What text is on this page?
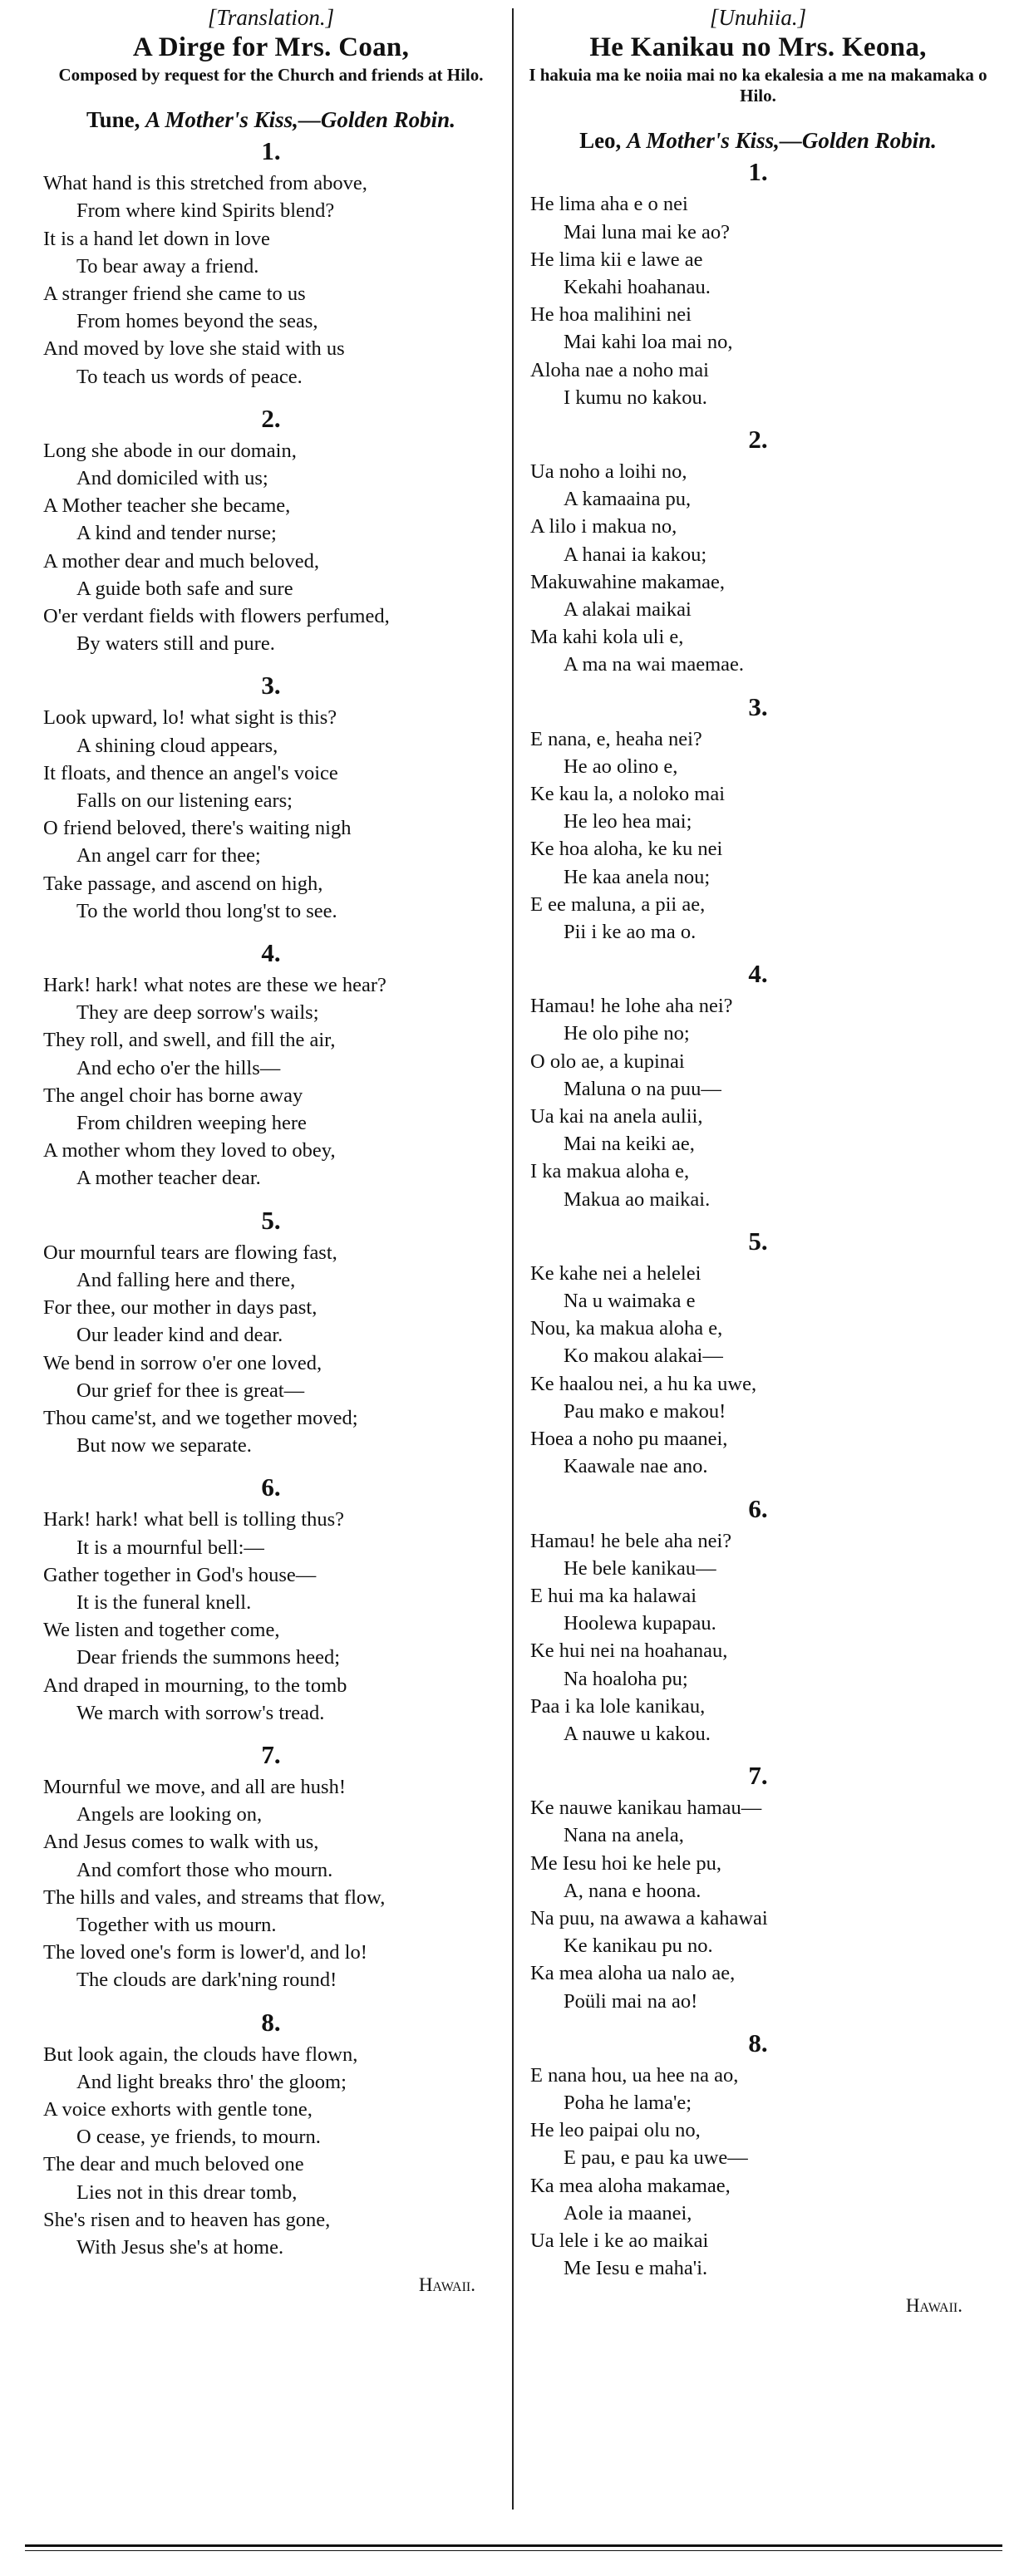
[Translation.]
A Dirge for Mrs. Coan,
Composed by request for the Church and friends at Hilo.
Tune, A Mother's Kiss,—Golden Robin.
1.
What hand is this stretched from above,
From where kind Spirits blend?
It is a hand let down in love
To bear away a friend.
A stranger friend she came to us
From homes beyond the seas,
And moved by love she staid with us
To teach us words of peace.
2.
Long she abode in our domain,
And domiciled with us;
A Mother teacher she became,
A kind and tender nurse;
A mother dear and much beloved,
A guide both safe and sure
O'er verdant fields with flowers perfumed,
By waters still and pure.
3.
Look upward, lo! what sight is this?
A shining cloud appears,
It floats, and thence an angel's voice
Falls on our listening ears;
O friend beloved, there's waiting nigh
An angel carr for thee;
Take passage, and ascend on high,
To the world thou long'st to see.
4.
Hark! hark! what notes are these we hear?
They are deep sorrow's wails;
They roll, and swell, and fill the air,
And echo o'er the hills—
The angel choir has borne away
From children weeping here
A mother whom they loved to obey,
A mother teacher dear.
5.
Our mournful tears are flowing fast,
And falling here and there,
For thee, our mother in days past,
Our leader kind and dear.
We bend in sorrow o'er one loved,
Our grief for thee is great—
Thou came'st, and we together moved;
But now we separate.
6.
Hark! hark! what bell is tolling thus?
It is a mournful bell:—
Gather together in God's house—
It is the funeral knell.
We listen and together come,
Dear friends the summons heed;
And draped in mourning, to the tomb
We march with sorrow's tread.
7.
Mournful we move, and all are hush!
Angels are looking on,
And Jesus comes to walk with us,
And comfort those who mourn.
The hills and vales, and streams that flow,
Together with us mourn.
The loved one's form is lower'd, and lo!
The clouds are dark'ning round!
8.
But look again, the clouds have flown,
And light breaks thro' the gloom;
A voice exhorts with gentle tone,
O cease, ye friends, to mourn.
The dear and much beloved one
Lies not in this drear tomb,
She's risen and to heaven has gone,
With Jesus she's at home.
Hawaii.
[Unuhiia.]
He Kanikau no Mrs. Keona,
I hakuia ma ke noiia mai no ka ekalesia a me na makamaka o Hilo.
Leo, A Mother's Kiss,—Golden Robin.
1.
He lima aha e o nei
Mai luna mai ke ao?
He lima kii e lawe ae
Kekahi hoahanau.
He hoa malihini nei
Mai kahi loa mai no,
Aloha nae a noho mai
I kumu no kakou.
2.
Ua noho a loihi no,
A kamaaina pu,
A lilo i makua no,
A hanai ia kakou;
Makuwahine makamae,
A alakai maikai
Ma kahi kola uli e,
A ma na wai maemae.
3.
E nana, e, heaha nei?
He ao olino e,
Ke kau la, a noloko mai
He leo hea mai;
Ke hoa aloha, ke ku nei
He kaa anela nou;
E ee maluna, a pii ae,
Pii i ke ao ma o.
4.
Hamau! he lohe aha nei?
He olo pihe no;
O olo ae, a kupinai
Maluna o na puu—
Ua kai na anela aulii,
Mai na keiki ae,
I ka makua aloha e,
Makua ao maikai.
5.
Ke kahe nei a helelei
Na u waimaka e
Nou, ka makua aloha e,
Ko makou alakai—
Ke haalou nei, a hu ka uwe,
Pau mako e makou!
Hoea a noho pu maanei,
Kaawale nae ano.
6.
Hamau! he bele aha nei?
He bele kanikau—
E hui ma ka halawai
Hoolewa kupapau.
Ke hui nei na hoahanau,
Na hoaloha pu;
Paa i ka lole kanikau,
A nauwe u kakou.
7.
Ke nauwe kanikau hamau—
Nana na anela,
Me Iesu hoi ke hele pu,
A, nana e hoona.
Na puu, na awawa a kahawai
Ke kanikau pu no.
Ka mea aloha ua nalo ae,
Poüli mai na ao!
8.
E nana hou, ua hee na ao,
Poha he lama'e;
He leo paipai olu no,
E pau, e pau ka uwe—
Ka mea aloha makamae,
Aole ia maanei,
Ua lele i ke ao maikai
Me Iesu e maha'i.
Hawaii.
